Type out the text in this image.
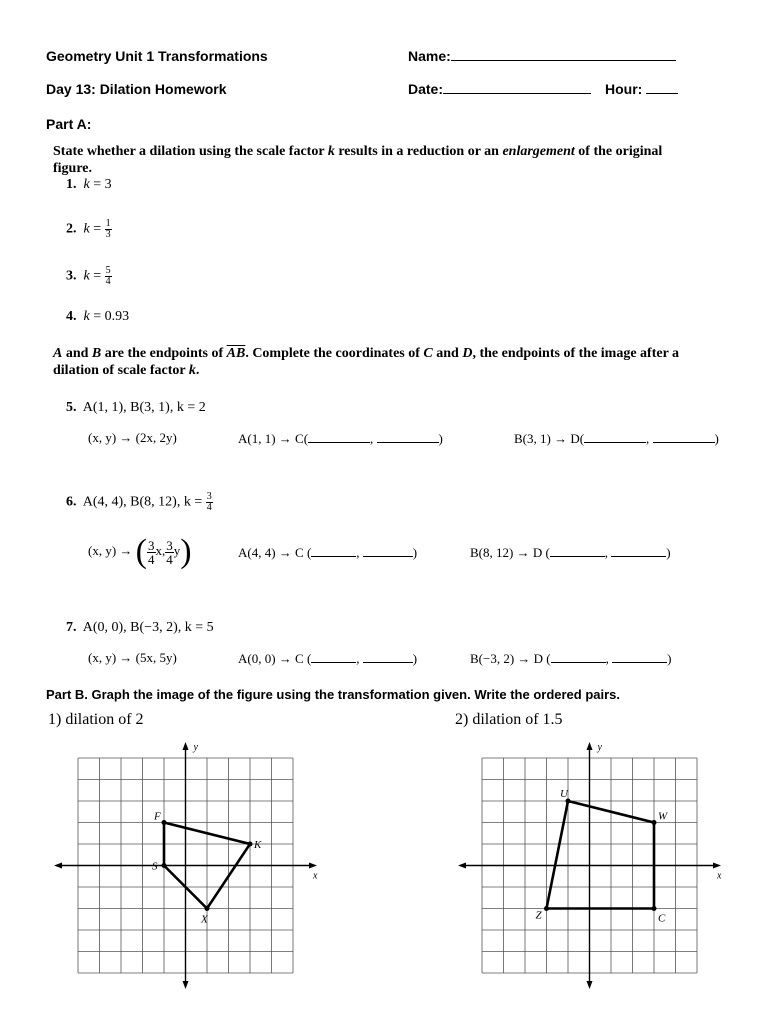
Geometry Unit 1 Transformations	Name:
Day 13: Dilation Homework	Date:	Hour:
Part A:
State whether a dilation using the scale factor k results in a reduction or an enlargement of the original
figure.
1. k = 3
2. $k = \frac{1}{3}$
3. $k = \frac{5}{4}$
4. k = 0.93
A and B are the endpoints of $\overline{AB}$. Complete the coordinates of C and D, the endpoints of the image after a
dilation of scale factor k.
5. A(1, 1), B(3, 1), k = 2
(x, y) → (2x, 2y)	A(1, 1) → C(	,	)	B(3, 1) → D(	,	)
6. A(4, 4), B(8, 12), $k = \frac{3}{4}$
(x, y) → ( $\frac{3}{4}x$, $\frac{3}{4}y$)	A(4, 4) → C (	,	)	B(8, 12) → D (	,	)
7. A(0, 0), B(−3, 2), k = 5
(x, y) → (5x, 5y)	A(0, 0) → C (	,	)	B(−3, 2) → D (	,	)
Part B. Graph the image of the figure using the transformation given. Write the ordered pairs.
1) dilation of 2	2) dilation of 1.5
y
x
F
K
X
S
y
x
U
W
C
Z
